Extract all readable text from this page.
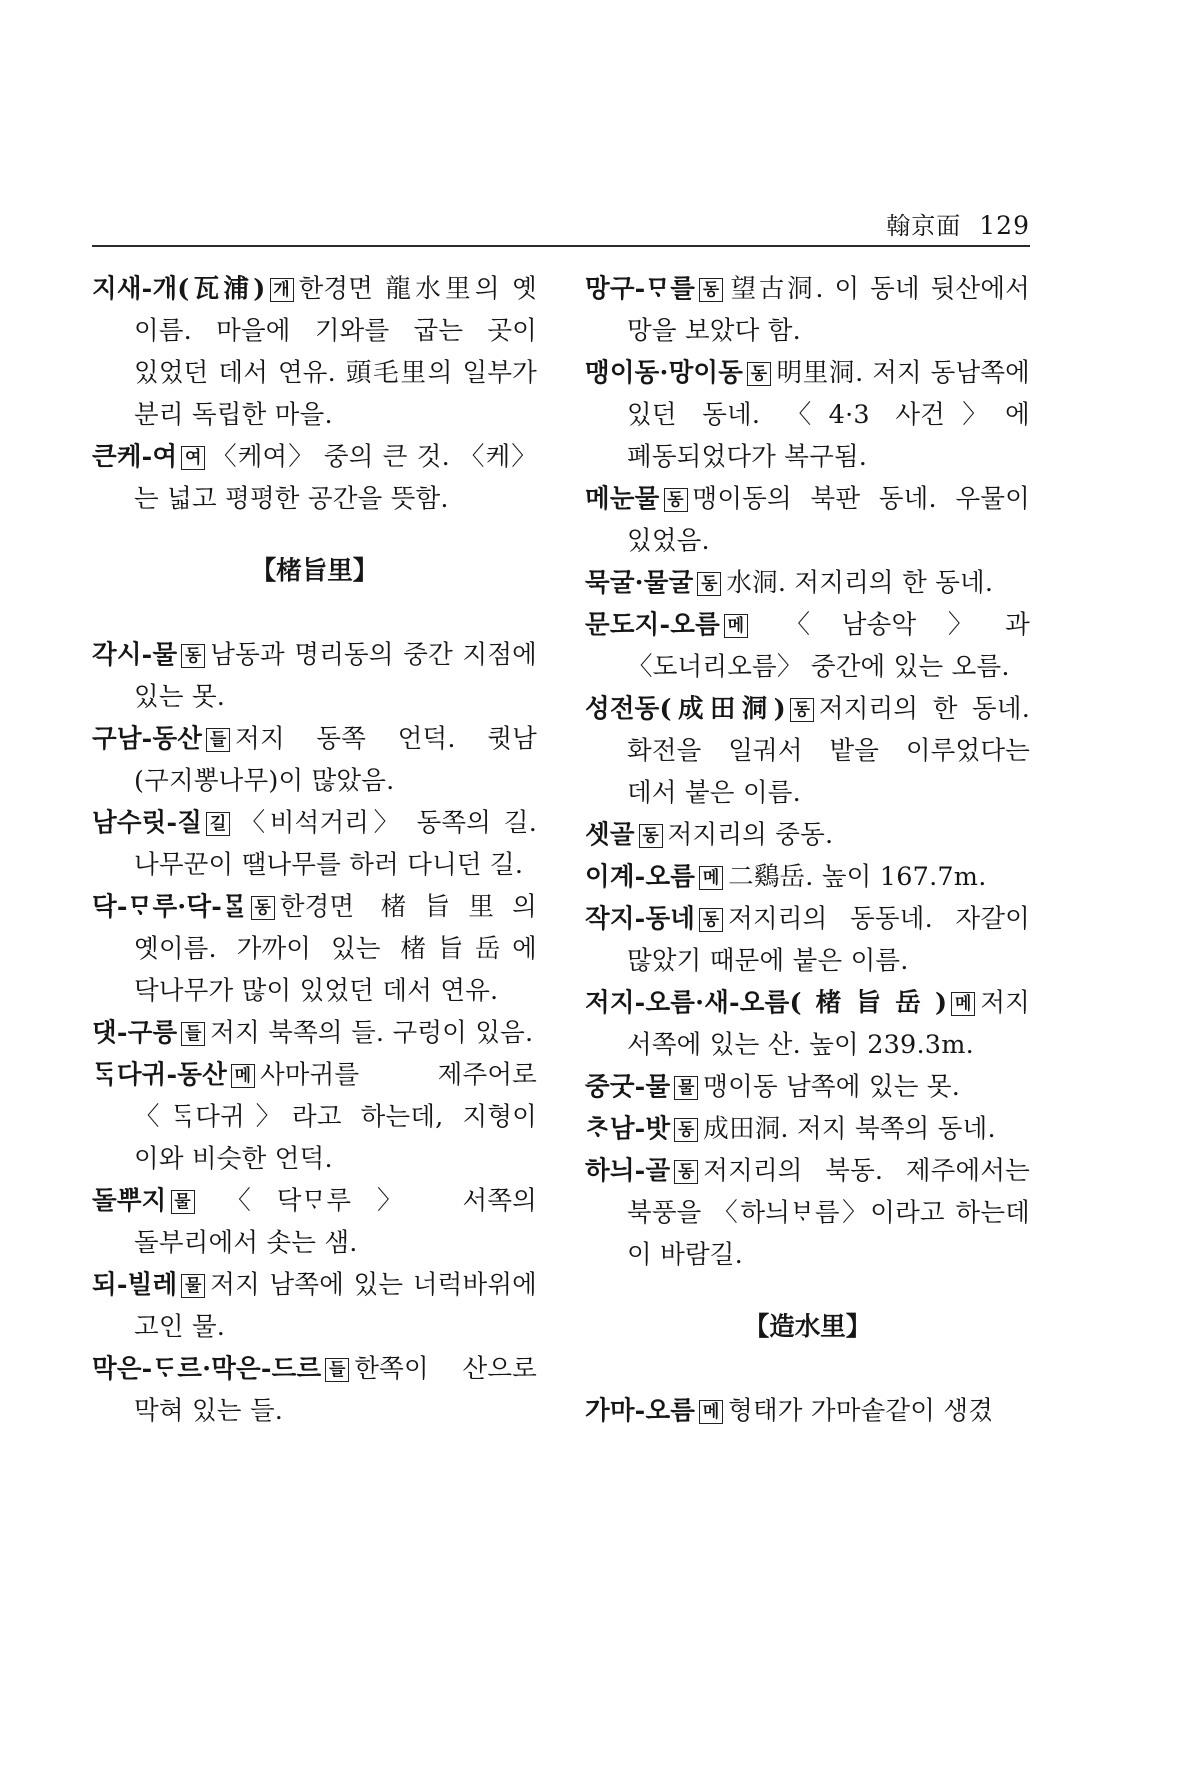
翰京面 129

지새-개(瓦浦) 개 한경면 龍水里의 옛 이름. 마을에 기와를 굽는 곳이 있었던 데서 연유. 頭毛里의 일부가 분리 독립한 마을.

큰케-여 여 〈케여〉 중의 큰 것. 〈케〉는 넓고 평평한 공간을 뜻함.

【楮旨里】

각시-물 동 남동과 명리동의 중간 지점에 있는 못.

구남-동산 들 저지 동쪽 언덕. 큇남(구지뽕나무)이 많았음.

남수릿-질 길 〈비석거리〉 동쪽의 길. 나무꾼이 땔나무를 하러 다니던 길.

닥-ᄆᆞ루·닥-ᄆᆞᆯ 동 한경면 楮旨里의 옛이름. 가까이 있는 楮旨岳에 닥나무가 많이 있었던 데서 연유.

댓-구릉 들 저지 북쪽의 들. 구렁이 있음.

ᄃᆞᆨ다귀-동산 메 사마귀를 제주어로 〈ᄃᆞᆨ다귀〉라고 하는데, 지형이 이와 비슷한 언덕.

돌뿌지 물 〈닥ᄆᆞ루〉 서쪽의 돌부리에서 솟는 샘.

되-빌레 물 저지 남쪽에 있는 너럭바위에 고인 물.

막은-ᄃᆞ르·막은-드르 들 한쪽이 산으로 막혀 있는 들.

망구-ᄆᆞ를 동 望古洞. 이 동네 뒷산에서 망을 보았다 함.

맹이동·망이동 동 明里洞. 저지 동남쪽에 있던 동네. 〈4·3 사건〉에 폐동되었다가 복구됨.

메눈물 동 맹이동의 북판 동네. 우물이 있었음.

묵굴·물굴 동 水洞. 저지리의 한 동네.

문도지-오름 메 〈남송악〉과 〈도너리오름〉 중간에 있는 오름.

성전동(成田洞) 동 저지리의 한 동네. 화전을 일궈서 밭을 이루었다는 데서 붙은 이름.

셋골 동 저지리의 중동.

이계-오름 메 二鷄岳. 높이 167.7m.

작지-동네 동 저지리의 동동네. 자갈이 많았기 때문에 붙은 이름.

저지-오름·새-오름(楮旨岳) 메 저지 서쪽에 있는 산. 높이 239.3m.

중굿-물 물 맹이동 남쪽에 있는 못.

ᄎᆞ남-밧 동 成田洞. 저지 북쪽의 동네.

하늬-골 동 저지리의 북동. 제주에서는 북풍을 〈하늬ᄇᆞ름〉이라고 하는데 이 바람길.

【造水里】

가마-오름 메 형태가 가마솥같이 생겼
